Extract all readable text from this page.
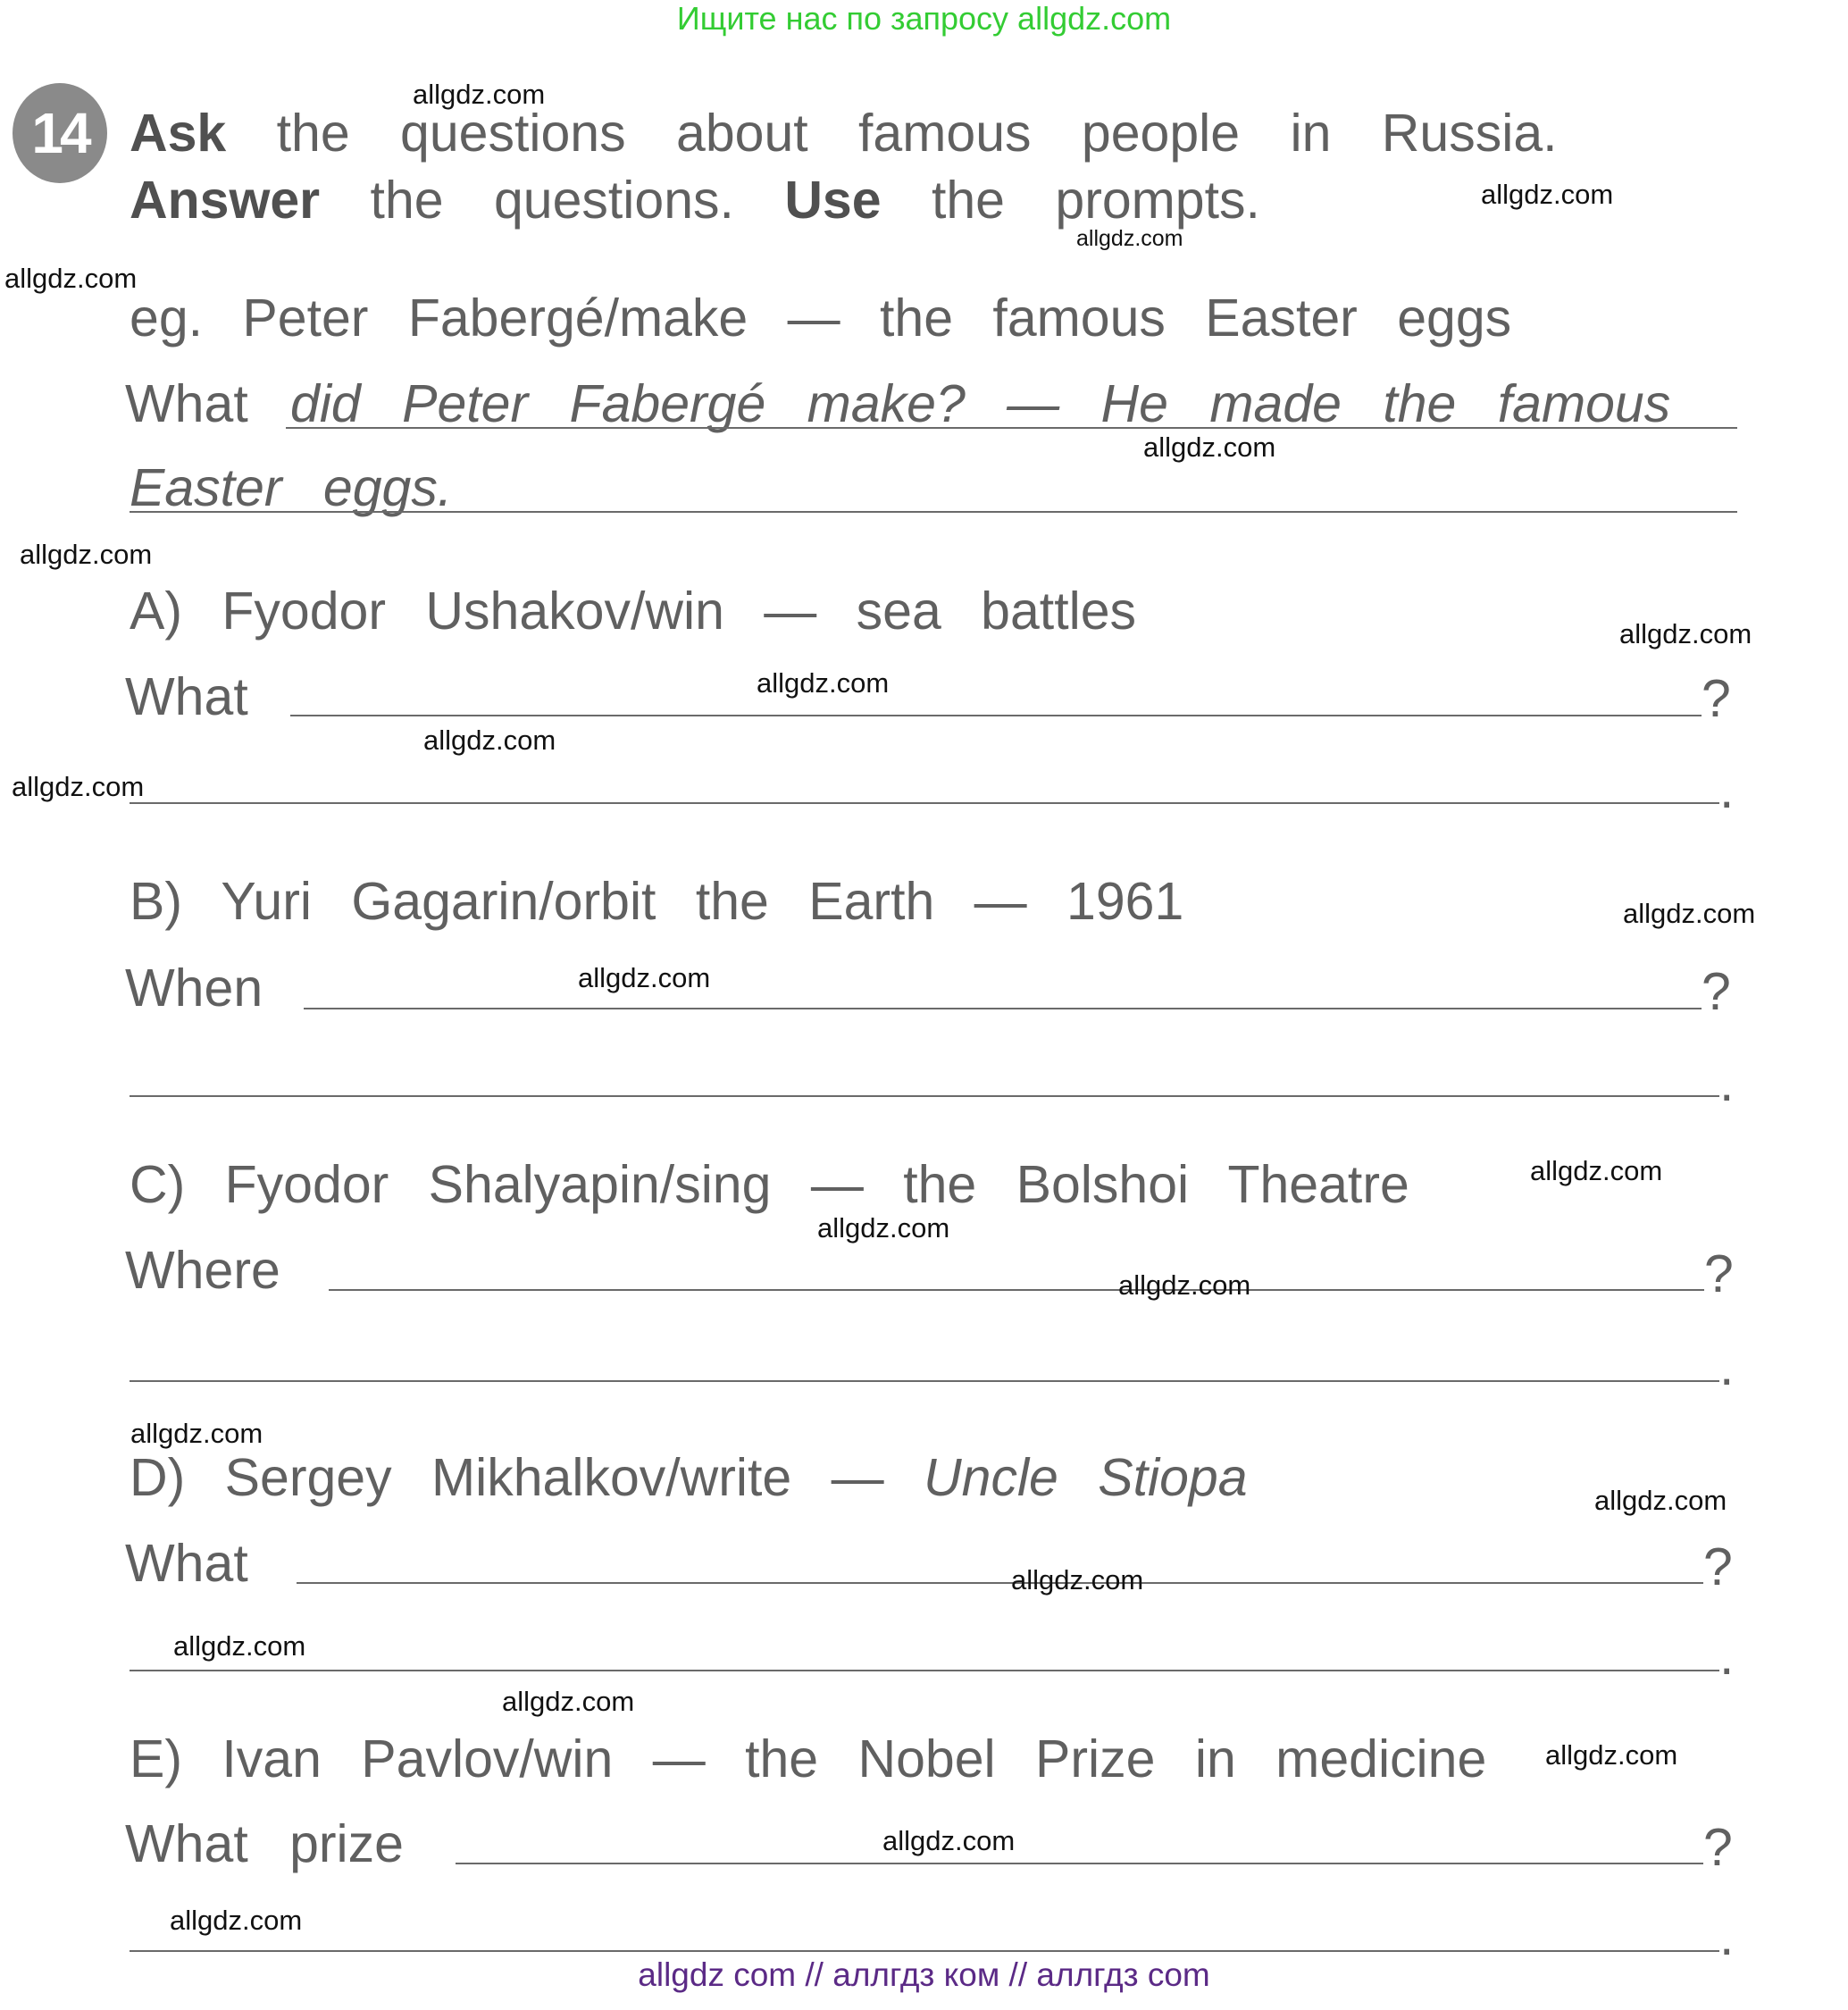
Ищите нас по запросу allgdz.com
14 Ask the questions about famous people in Russia.
Answer the questions. Use the prompts.
eg. Peter Fabergé/make — the famous Easter eggs
What did Peter Fabergé make? — He made the famous
Easter eggs.
A) Fyodor Ushakov/win — sea battles
What	?
.
B) Yuri Gagarin/orbit the Earth — 1961
When	?
.
C) Fyodor Shalyapin/sing — the Bolshoi Theatre
Where	?
.
D) Sergey Mikhalkov/write — Uncle Stiopa
What	?
.
E) Ivan Pavlov/win — the Nobel Prize in medicine
What prize	?
.
allgdz.com
allgdz.com
allgdz.com
allgdz.com
allgdz.com
allgdz.com
allgdz.com
allgdz.com
allgdz.com
allgdz.com
allgdz.com
allgdz.com
allgdz.com
allgdz.com
allgdz.com
allgdz.com
allgdz.com
allgdz.com
allgdz.com
allgdz.com
allgdz.com
allgdz.com
allgdz.com
allgdz com // аллгдз ком // аллгдз com
